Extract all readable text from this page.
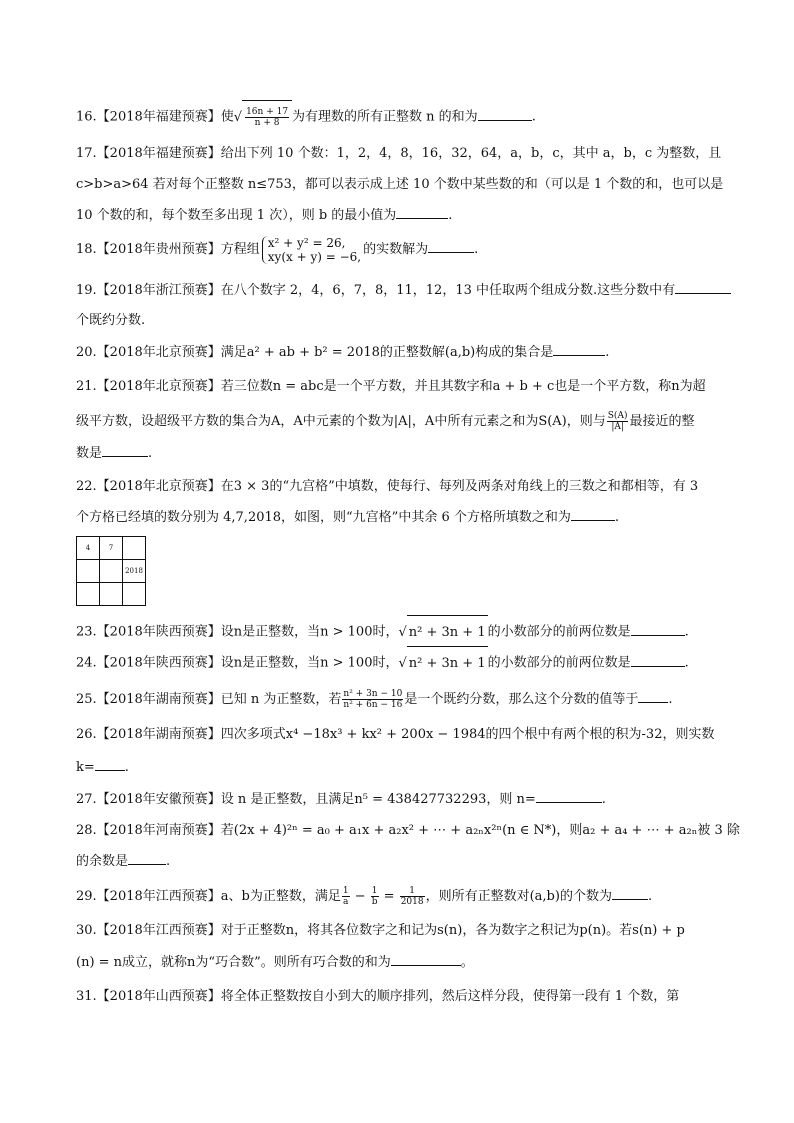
16.【2018年福建预赛】使√ $\frac{16n + 17}{n + 8}$ 为有理数的所有正整数 n 的和为	.
17.【2018年福建预赛】给出下列 10 个数：1，2，4，8，16，32，64，a，b，c，其中 a，b，c 为整数，且
c>b>a>64 若对每个正整数 n≤753，都可以表示成上述 10 个数中某些数的和（可以是 1 个数的和，也可以是
10 个数的和，每个数至多出现 1 次），则 b 的最小值为	.
18.【2018年贵州预赛】方程组 x² + y² = 26,
xy(x + y) = −6, 的实数解为	.
19.【2018年浙江预赛】在八个数字 2，4，6，7，8，11，12，13 中任取两个组成分数.这些分数中有
个既约分数.
20.【2018年北京预赛】满足a² + ab + b² = 2018的正整数解(a,b)构成的集合是	.
21.【2018年北京预赛】若三位数n = abc是一个平方数，并且其数字和a + b + c也是一个平方数，称n为超
级平方数，设超级平方数的集合为A，A中元素的个数为|A|，A中所有元素之和为S(A)，则与 $\frac{S(A)}{|A|}$ 最接近的整
数是	.
22.【2018年北京预赛】在3 × 3的“九宫格”中填数，使每行、每列及两条对角线上的三数之和都相等，有 3
个方格已经填的数分别为 4,7,2018，如图，则“九宫格”中其余 6 个方格所填数之和为	.
4	7	
		2018

23.【2018年陕西预赛】设n是正整数，当n > 100时，√ n² + 3n + 1 的小数部分的前两位数是	.
24.【2018年陕西预赛】设n是正整数，当n > 100时，√ n² + 3n + 1 的小数部分的前两位数是	.
25.【2018年湖南预赛】已知 n 为正整数，若 $\frac{\text{n² + 3n − 10}}{\text{n² + 6n − 16}}$ 是一个既约分数，那么这个分数的值等于 .
26.【2018年湖南预赛】四次多项式x⁴ −18x³ + kx² + 200x − 1984的四个根中有两个根的积为-32，则实数
k= .
27.【2018年安徽预赛】设 n 是正整数，且满足n⁵ = 438427732293，则 n=	.
28.【2018年河南预赛】若(2x + 4)²ⁿ = a₀ + a₁x + a₂x² + ⋯ + a₂ₙx²ⁿ(n ∈ N*)，则a₂ + a₄ + ⋯ + a₂ₙ被 3 除
的余数是	.
29.【2018年江西预赛】a、b为正整数，满足 $\frac{1}{a} - \frac{1}{b} = \frac{1}{2018}$ ，则所有正整数对(a,b)的个数为	.
30.【2018年江西预赛】对于正整数n，将其各位数字之和记为s(n)，各为数字之积记为p(n)。若s(n) + p
(n) = n成立，就称n为“巧合数”。则所有巧合数的和为	。
31.【2018年山西预赛】将全体正整数按自小到大的顺序排列，然后这样分段，使得第一段有 1 个数，第
